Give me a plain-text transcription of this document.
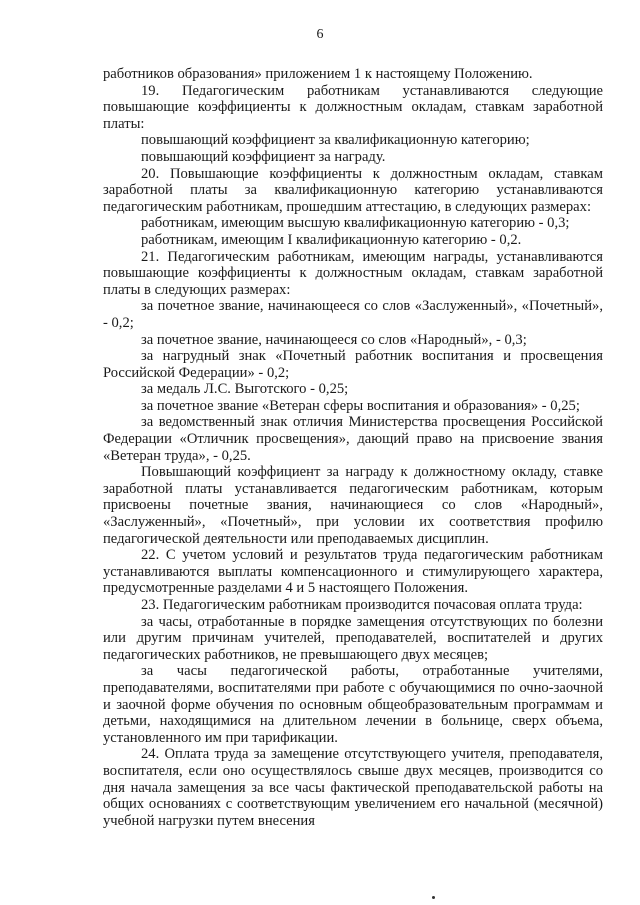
6

работников образования» приложением 1 к настоящему Положению.

19. Педагогическим работникам устанавливаются следующие повышающие коэффициенты к должностным окладам, ставкам заработной платы:

повышающий коэффициент за квалификационную категорию;

повышающий коэффициент за награду.

20. Повышающие коэффициенты к должностным окладам, ставкам заработной платы за квалификационную категорию устанавливаются педагогическим работникам, прошедшим аттестацию, в следующих размерах:

работникам, имеющим высшую квалификационную категорию - 0,3;

работникам, имеющим I квалификационную категорию - 0,2.

21. Педагогическим работникам, имеющим награды, устанавливаются повышающие коэффициенты к должностным окладам, ставкам заработной платы в следующих размерах:

за почетное звание, начинающееся со слов «Заслуженный», «Почетный», - 0,2;

за почетное звание, начинающееся со слов «Народный», - 0,3;

за нагрудный знак «Почетный работник воспитания и просвещения Российской Федерации» - 0,2;

за медаль Л.С. Выготского - 0,25;

за почетное звание «Ветеран сферы воспитания и образования» - 0,25;

за ведомственный знак отличия Министерства просвещения Российской Федерации «Отличник просвещения», дающий право на присвоение звания «Ветеран труда», - 0,25.

Повышающий коэффициент за награду к должностному окладу, ставке заработной платы устанавливается педагогическим работникам, которым присвоены почетные звания, начинающиеся со слов «Народный», «Заслуженный», «Почетный», при условии их соответствия профилю педагогической деятельности или преподаваемых дисциплин.

22. С учетом условий и результатов труда педагогическим работникам устанавливаются выплаты компенсационного и стимулирующего характера, предусмотренные разделами 4 и 5 настоящего Положения.

23. Педагогическим работникам производится почасовая оплата труда:

за часы, отработанные в порядке замещения отсутствующих по болезни или другим причинам учителей, преподавателей, воспитателей и других педагогических работников, не превышающего двух месяцев;

за часы педагогической работы, отработанные учителями, преподавателями, воспитателями при работе с обучающимися по очно-заочной и заочной форме обучения по основным общеобразовательным программам и детьми, находящимися на длительном лечении в больнице, сверх объема, установленного им при тарификации.

24. Оплата труда за замещение отсутствующего учителя, преподавателя, воспитателя, если оно осуществлялось свыше двух месяцев, производится со дня начала замещения за все часы фактической преподавательской работы на общих основаниях с соответствующим увеличением его начальной (месячной) учебной нагрузки путем внесения
